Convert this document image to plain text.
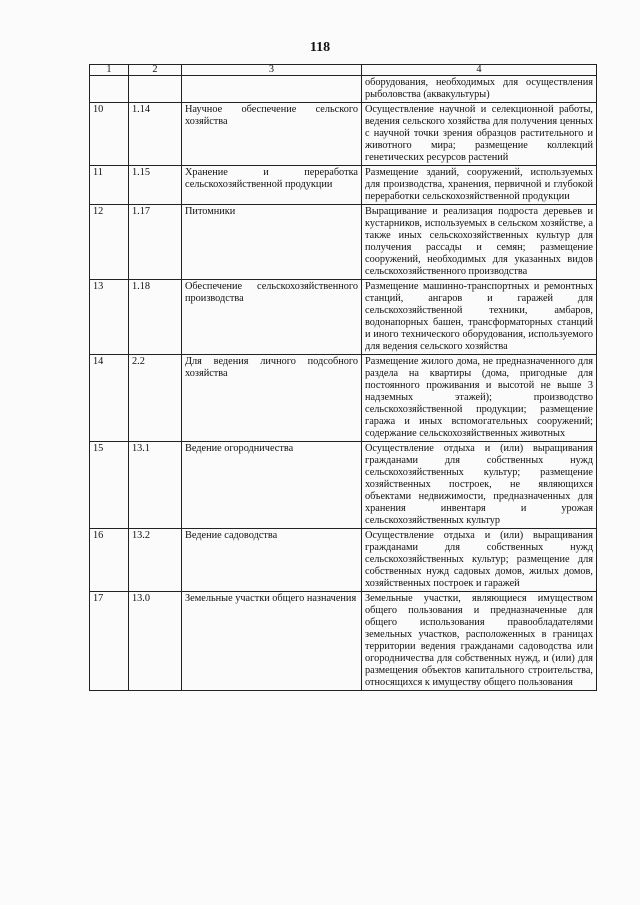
118
1	2	3	4
			оборудования, необходимых для осуществления рыболовства (аквакультуры)
10	1.14	Научное обеспечение сельского хозяйства	Осуществление научной и селекционной работы, ведения сельского хозяйства для получения ценных с научной точки зрения образцов растительного и животного мира; размещение коллекций генетических ресурсов растений
11	1.15	Хранение и переработка сельскохозяйственной продукции	Размещение зданий, сооружений, используемых для производства, хранения, первичной и глубокой переработки сельскохозяйственной продукции
12	1.17	Питомники	Выращивание и реализация подроста деревьев и кустарников, используемых в сельском хозяйстве, а также иных сельскохозяйственных культур для получения рассады и семян; размещение сооружений, необходимых для указанных видов сельскохозяйственного производства
13	1.18	Обеспечение сельскохозяйственного производства	Размещение машинно-транспортных и ремонтных станций, ангаров и гаражей для сельскохозяйственной техники, амбаров, водонапорных башен, трансформаторных станций и иного технического оборудования, используемого для ведения сельского хозяйства
14	2.2	Для ведения личного подсобного хозяйства	Размещение жилого дома, не предназначенного для раздела на квартиры (дома, пригодные для постоянного проживания и высотой не выше 3 надземных этажей); производство сельскохозяйственной продукции; размещение гаража и иных вспомогательных сооружений; содержание сельскохозяйственных животных
15	13.1	Ведение огородничества	Осуществление отдыха и (или) выращивания гражданами для собственных нужд сельскохозяйственных культур; размещение хозяйственных построек, не являющихся объектами недвижимости, предназначенных для хранения инвентаря и урожая сельскохозяйственных культур
16	13.2	Ведение садоводства	Осуществление отдыха и (или) выращивания гражданами для собственных нужд сельскохозяйственных культур; размещение для собственных нужд садовых домов, жилых домов, хозяйственных построек и гаражей
17	13.0	Земельные участки общего назначения	Земельные участки, являющиеся имуществом общего пользования и предназначенные для общего использования правообладателями земельных участков, расположенных в границах территории ведения гражданами садоводства или огородничества для собственных нужд, и (или) для размещения объектов капитального строительства, относящихся к имуществу общего пользования
